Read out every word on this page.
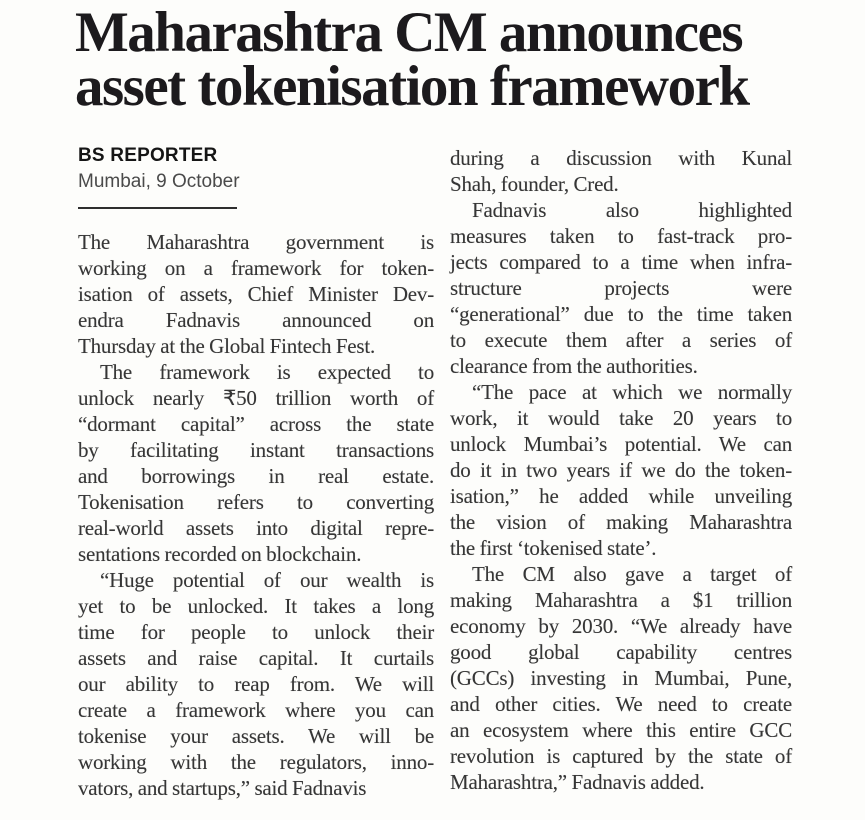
Maharashtra CM announces
asset tokenisation framework
BS REPORTER
Mumbai, 9 October
The Maharashtra government is
working on a framework for token-
isation of assets, Chief Minister Dev-
endra Fadnavis announced on
Thursday at the Global Fintech Fest.
The framework is expected to
unlock nearly ₹50 trillion worth of
“dormant capital” across the state
by facilitating instant transactions
and borrowings in real estate.
Tokenisation refers to converting
real-world assets into digital repre-
sentations recorded on blockchain.
“Huge potential of our wealth is
yet to be unlocked. It takes a long
time for people to unlock their
assets and raise capital. It curtails
our ability to reap from. We will
create a framework where you can
tokenise your assets. We will be
working with the regulators, inno-
vators, and startups,” said Fadnavis
during a discussion with Kunal
Shah, founder, Cred.
Fadnavis also highlighted
measures taken to fast-track pro-
jects compared to a time when infra-
structure projects were
“generational” due to the time taken
to execute them after a series of
clearance from the authorities.
“The pace at which we normally
work, it would take 20 years to
unlock Mumbai’s potential. We can
do it in two years if we do the token-
isation,” he added while unveiling
the vision of making Maharashtra
the first ‘tokenised state’.
The CM also gave a target of
making Maharashtra a $1 trillion
economy by 2030. “We already have
good global capability centres
(GCCs) investing in Mumbai, Pune,
and other cities. We need to create
an ecosystem where this entire GCC
revolution is captured by the state of
Maharashtra,” Fadnavis added.
